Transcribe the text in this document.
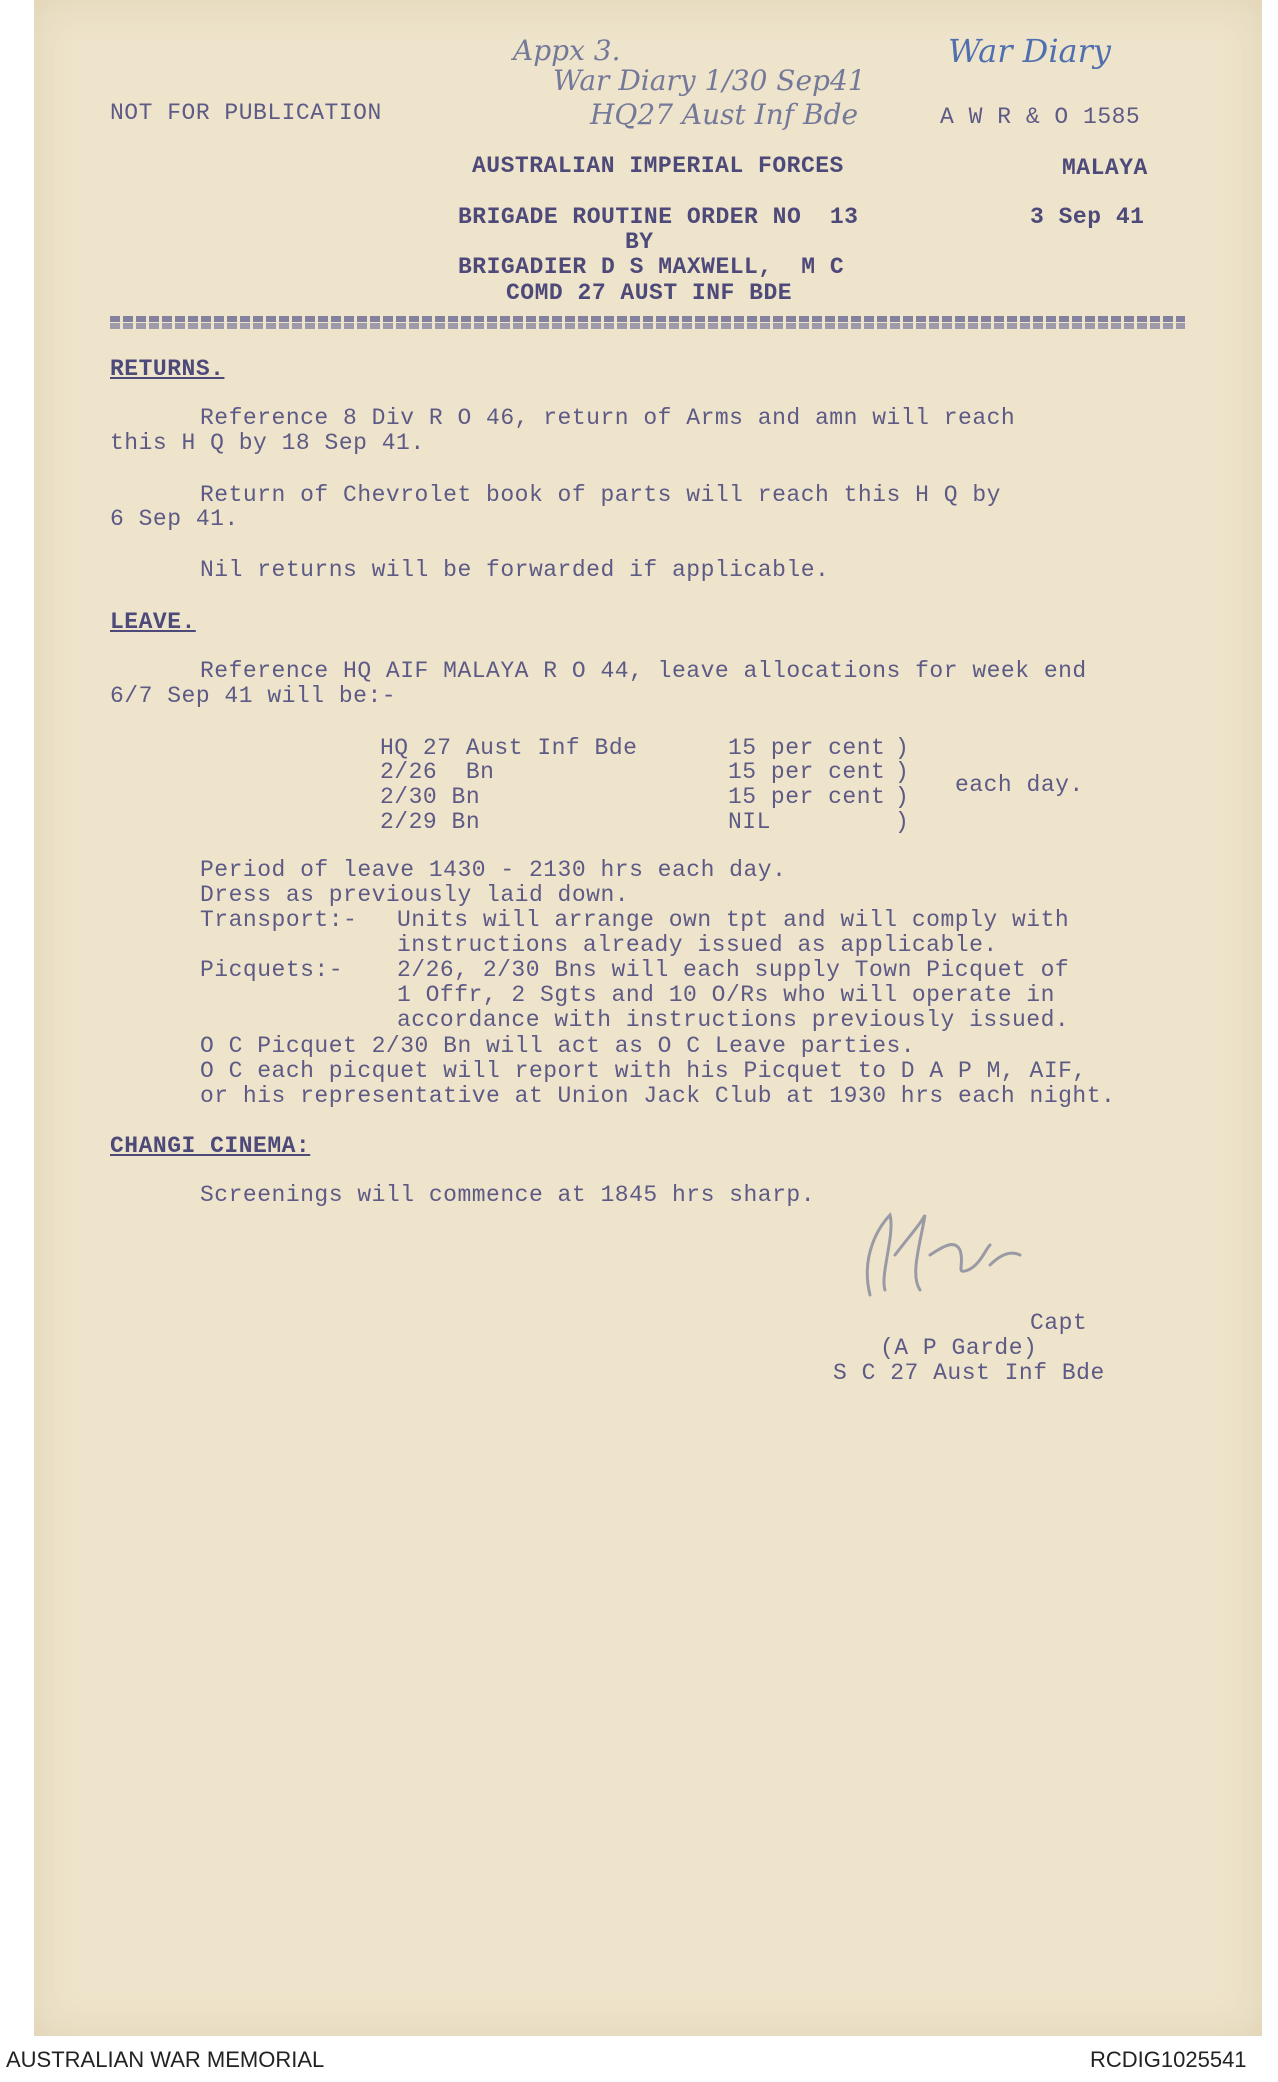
Appx 3.
War Diary 1/30 Sep41
HQ27 Aust Inf Bde
War Diary
NOT FOR PUBLICATION	A W R & O 1585
AUSTRALIAN IMPERIAL FORCES	MALAYA
BRIGADE ROUTINE ORDER NO  13	3 Sep 41
BY
BRIGADIER D S MAXWELL,  M C
COMD 27 AUST INF BDE
RETURNS.
Reference 8 Div R O 46, return of Arms and amn will reach
this H Q by 18 Sep 41.
Return of Chevrolet book of parts will reach this H Q by
6 Sep 41.
Nil returns will be forwarded if applicable.
LEAVE.
Reference HQ AIF MALAYA R O 44, leave allocations for week end
6/7 Sep 41 will be:-
HQ 27 Aust Inf Bde	15 per cent
2/26  Bn	15 per cent
2/30 Bn	15 per cent
2/29 Bn	NIL
)
)
)
)
each day.
Period of leave 1430 - 2130 hrs each day.
Dress as previously laid down.
Transport:- Units will arrange own tpt and will comply with
instructions already issued as applicable.
Picquets:- 2/26, 2/30 Bns will each supply Town Picquet of
1 Offr, 2 Sgts and 10 O/Rs who will operate in
accordance with instructions previously issued.
O C Picquet 2/30 Bn will act as O C Leave parties.
O C each picquet will report with his Picquet to D A P M, AIF,
or his representative at Union Jack Club at 1930 hrs each night.
CHANGI CINEMA:
Screenings will commence at 1845 hrs sharp.
Capt
(A P Garde)
S C 27 Aust Inf Bde
AUSTRALIAN WAR MEMORIAL	RCDIG1025541
